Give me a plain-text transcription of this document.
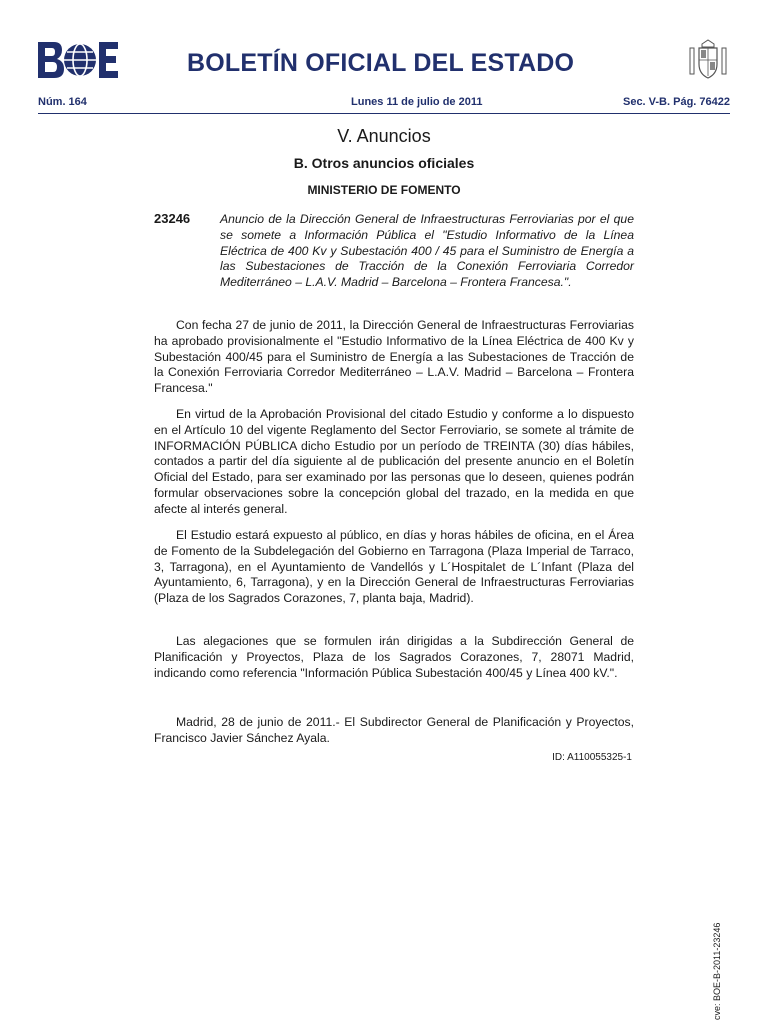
BOLETÍN OFICIAL DEL ESTADO
Núm. 164	Lunes 11 de julio de 2011	Sec. V-B. Pág. 76422
V. Anuncios
B. Otros anuncios oficiales
MINISTERIO DE FOMENTO
23246 Anuncio de la Dirección General de Infraestructuras Ferroviarias por el que se somete a Información Pública el "Estudio Informativo de la Línea Eléctrica de 400 Kv y Subestación 400 / 45 para el Suministro de Energía a las Subestaciones de Tracción de la Conexión Ferroviaria Corredor Mediterráneo – L.A.V. Madrid – Barcelona – Frontera Francesa.".

Con fecha 27 de junio de 2011, la Dirección General de Infraestructuras Ferroviarias ha aprobado provisionalmente el "Estudio Informativo de la Línea Eléctrica de 400 Kv y Subestación 400/45 para el Suministro de Energía a las Subestaciones de Tracción de la Conexión Ferroviaria Corredor Mediterráneo – L.A.V. Madrid – Barcelona – Frontera Francesa."

En virtud de la Aprobación Provisional del citado Estudio y conforme a lo dispuesto en el Artículo 10 del vigente Reglamento del Sector Ferroviario, se somete al trámite de INFORMACIÓN PÚBLICA dicho Estudio por un período de TREINTA (30) días hábiles, contados a partir del día siguiente al de publicación del presente anuncio en el Boletín Oficial del Estado, para ser examinado por las personas que lo deseen, quienes podrán formular observaciones sobre la concepción global del trazado, en la medida en que afecte al interés general.

El Estudio estará expuesto al público, en días y horas hábiles de oficina, en el Área de Fomento de la Subdelegación del Gobierno en Tarragona (Plaza Imperial de Tarraco, 3, Tarragona), en el Ayuntamiento de Vandellós y L´Hospitalet de L´Infant (Plaza del Ayuntamiento, 6, Tarragona), y en la Dirección General de Infraestructuras Ferroviarias (Plaza de los Sagrados Corazones, 7, planta baja, Madrid).

Las alegaciones que se formulen irán dirigidas a la Subdirección General de Planificación y Proyectos, Plaza de los Sagrados Corazones, 7, 28071 Madrid, indicando como referencia "Información Pública Subestación 400/45 y Línea 400 kV.".

Madrid, 28 de junio de 2011.- El Subdirector General de Planificación y Proyectos, Francisco Javier Sánchez Ayala.

ID: A110055325-1
cve: BOE-B-2011-23246
